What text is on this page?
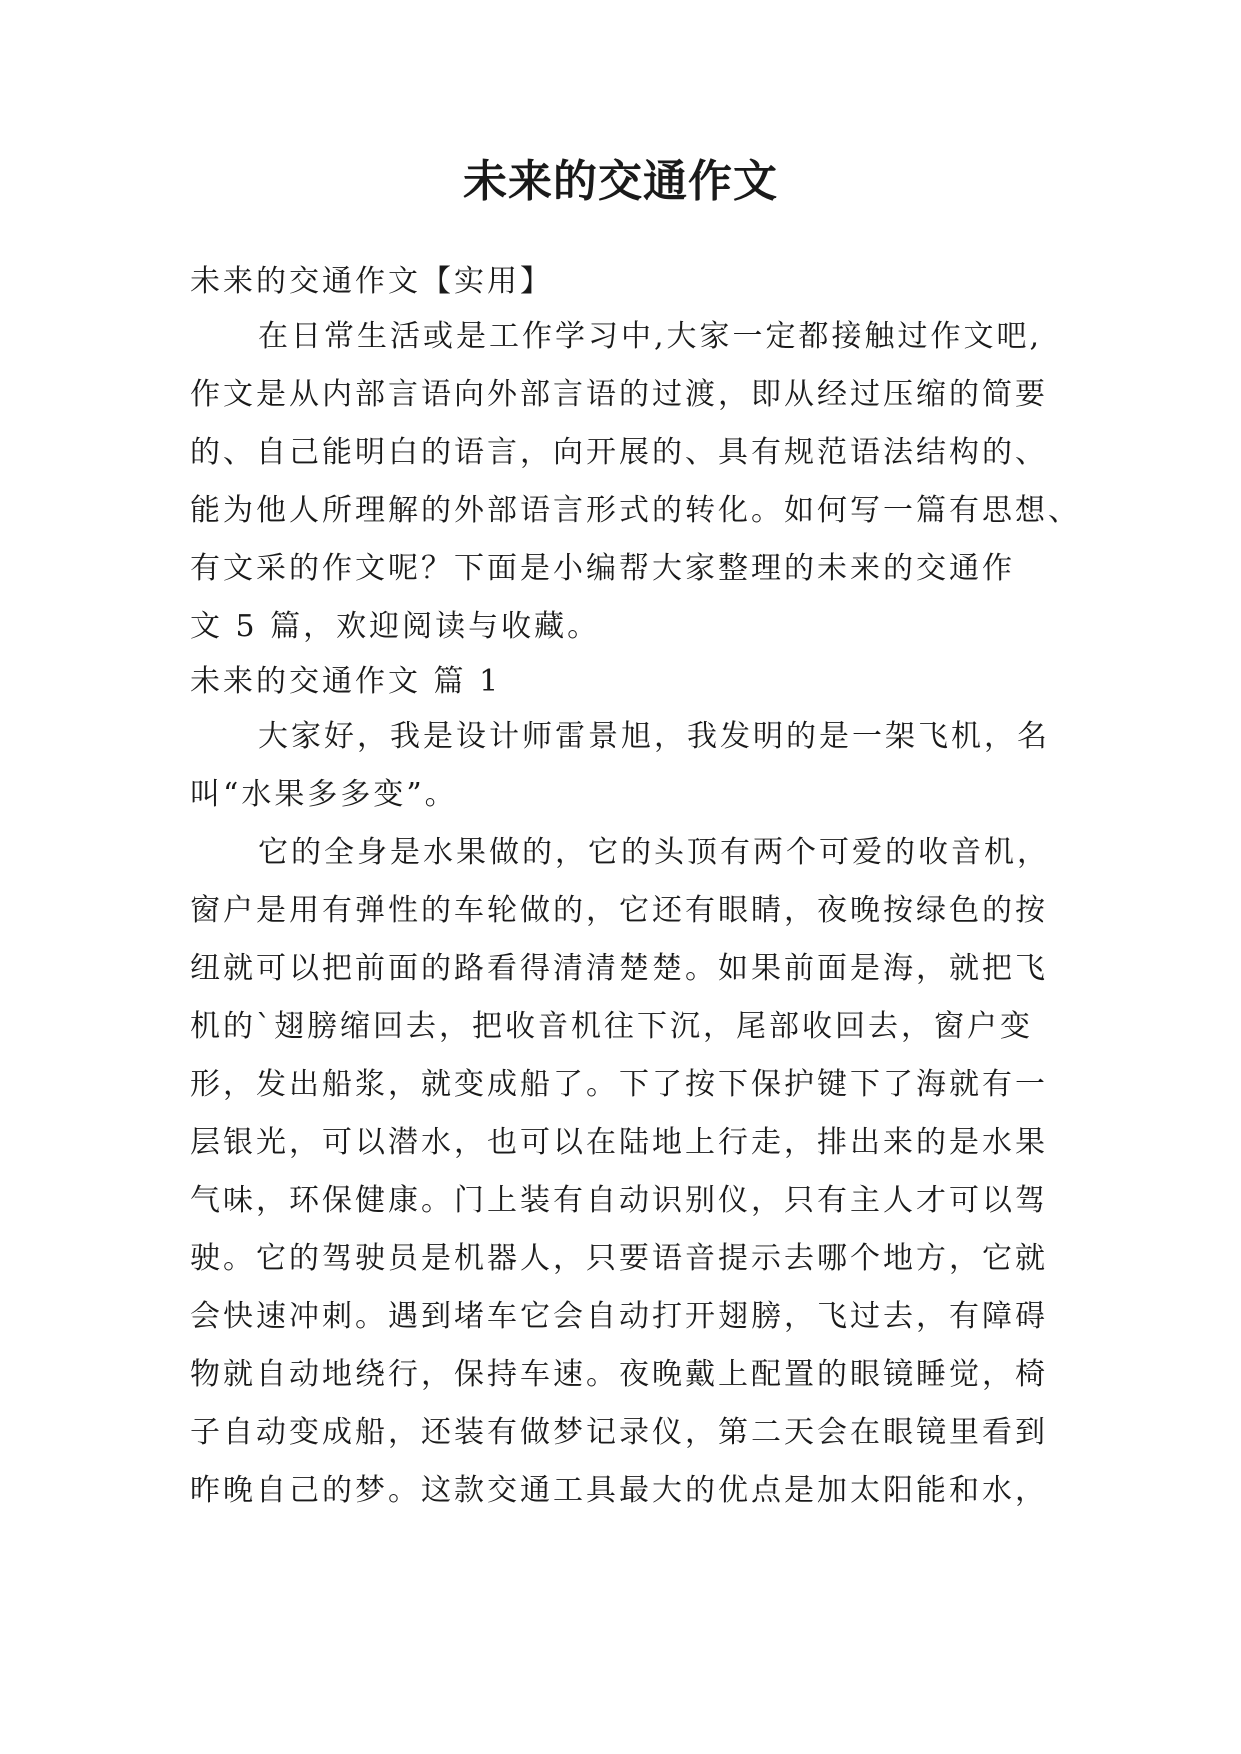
未来的交通作文
未来的交通作文【实用】
在日常生活或是工作学习中,大家一定都接触过作文吧,
作文是从内部言语向外部言语的过渡，即从经过压缩的简要
的、自己能明白的语言，向开展的、具有规范语法结构的、
能为他人所理解的外部语言形式的转化。如何写一篇有思想、
有文采的作文呢？下面是小编帮大家整理的未来的交通作
文 5 篇，欢迎阅读与收藏。
未来的交通作文 篇 1
大家好，我是设计师雷景旭，我发明的是一架飞机，名
叫“水果多多变”。
它的全身是水果做的，它的头顶有两个可爱的收音机，
窗户是用有弹性的车轮做的，它还有眼睛，夜晚按绿色的按
纽就可以把前面的路看得清清楚楚。如果前面是海，就把飞
机的`翅膀缩回去，把收音机往下沉，尾部收回去，窗户变
形，发出船浆，就变成船了。下了按下保护键下了海就有一
层银光，可以潜水，也可以在陆地上行走，排出来的是水果
气味，环保健康。门上装有自动识别仪，只有主人才可以驾
驶。它的驾驶员是机器人，只要语音提示去哪个地方，它就
会快速冲刺。遇到堵车它会自动打开翅膀，飞过去，有障碍
物就自动地绕行，保持车速。夜晚戴上配置的眼镜睡觉，椅
子自动变成船，还装有做梦记录仪，第二天会在眼镜里看到
昨晚自己的梦。这款交通工具最大的优点是加太阳能和水，
